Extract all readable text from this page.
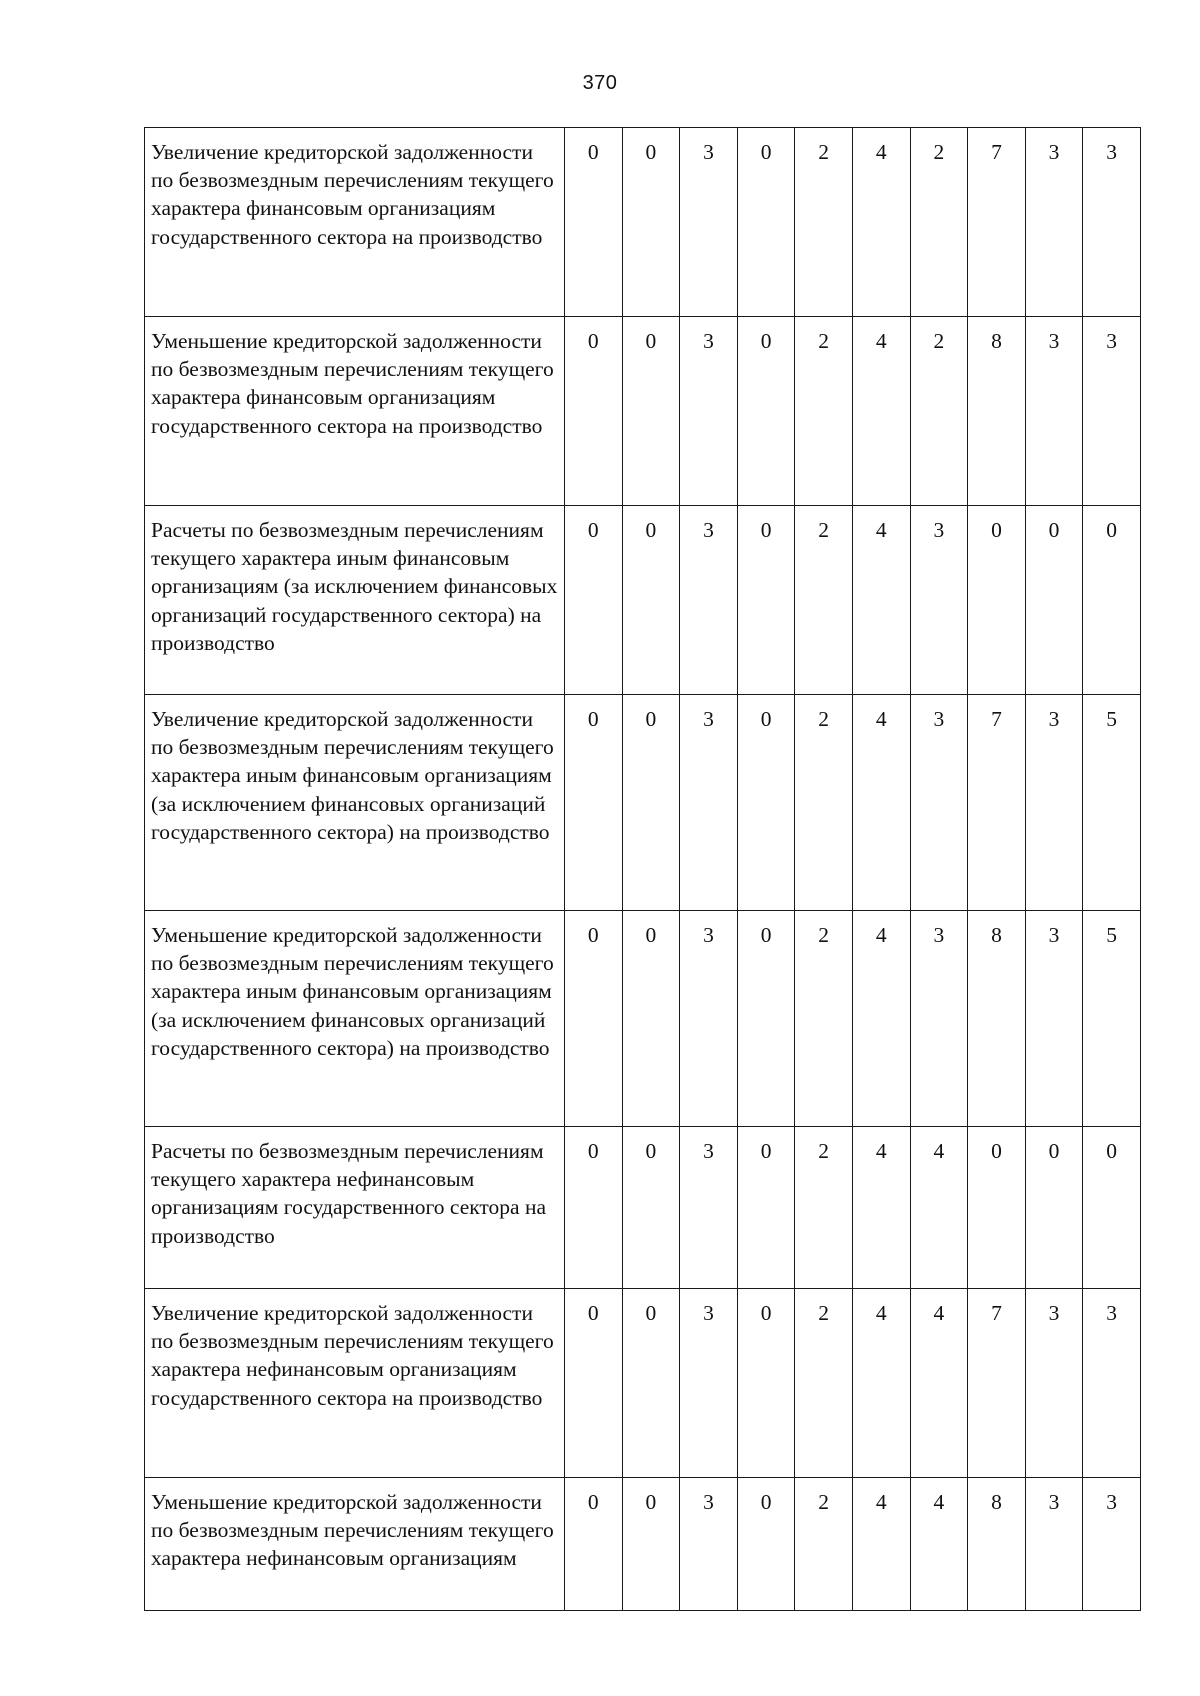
370
Увеличение кредиторской задолженности по безвозмездным перечислениям текущего характера финансовым организациям государственного сектора на производство	0	0	3	0	2	4	2	7	3	3
Уменьшение кредиторской задолженности по безвозмездным перечислениям текущего характера финансовым организациям государственного сектора на производство	0	0	3	0	2	4	2	8	3	3
Расчеты по безвозмездным перечислениям текущего характера иным финансовым организациям (за исключением финансовых организаций государственного сектора) на производство	0	0	3	0	2	4	3	0	0	0
Увеличение кредиторской задолженности по безвозмездным перечислениям текущего характера иным финансовым организациям (за исключением финансовых организаций государственного сектора) на производство	0	0	3	0	2	4	3	7	3	5
Уменьшение кредиторской задолженности по безвозмездным перечислениям текущего характера иным финансовым организациям (за исключением финансовых организаций государственного сектора) на производство	0	0	3	0	2	4	3	8	3	5
Расчеты по безвозмездным перечислениям текущего характера нефинансовым организациям государственного сектора на производство	0	0	3	0	2	4	4	0	0	0
Увеличение кредиторской задолженности по безвозмездным перечислениям текущего характера нефинансовым организациям государственного сектора на производство	0	0	3	0	2	4	4	7	3	3
Уменьшение кредиторской задолженности по безвозмездным перечислениям текущего характера нефинансовым организациям	0	0	3	0	2	4	4	8	3	3
